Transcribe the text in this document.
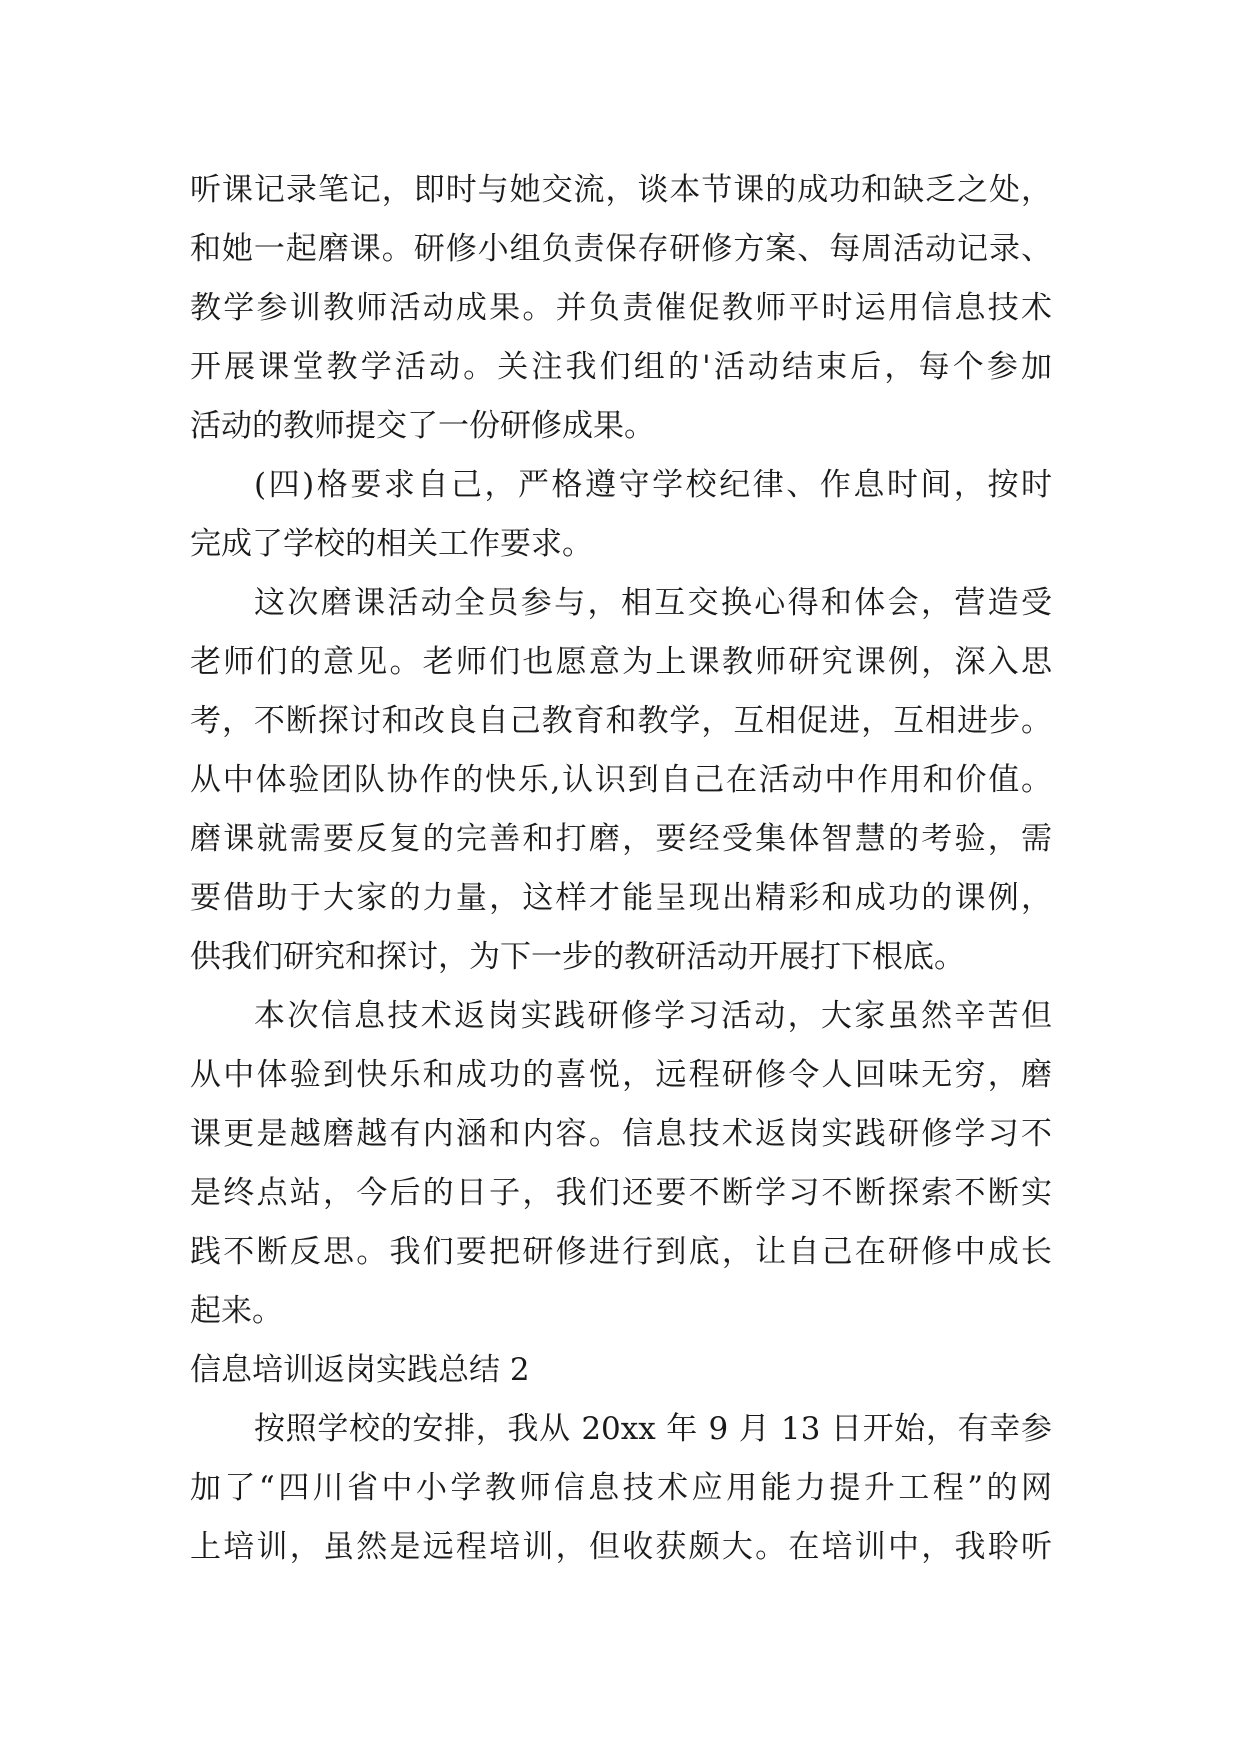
听课记录笔记，即时与她交流，谈本节课的成功和缺乏之处，
和她一起磨课。研修小组负责保存研修方案、每周活动记录、
教学参训教师活动成果。并负责催促教师平时运用信息技术
开展课堂教学活动。关注我们组的'活动结束后，每个参加
活动的教师提交了一份研修成果。
(四)格要求自己，严格遵守学校纪律、作息时间，按时
完成了学校的相关工作要求。
这次磨课活动全员参与，相互交换心得和体会，营造受
老师们的意见。老师们也愿意为上课教师研究课例，深入思
考，不断探讨和改良自己教育和教学，互相促进，互相进步。
从中体验团队协作的快乐,认识到自己在活动中作用和价值。
磨课就需要反复的完善和打磨，要经受集体智慧的考验，需
要借助于大家的力量，这样才能呈现出精彩和成功的课例，
供我们研究和探讨，为下一步的教研活动开展打下根底。
本次信息技术返岗实践研修学习活动，大家虽然辛苦但
从中体验到快乐和成功的喜悦，远程研修令人回味无穷，磨
课更是越磨越有内涵和内容。信息技术返岗实践研修学习不
是终点站，今后的日子，我们还要不断学习不断探索不断实
践不断反思。我们要把研修进行到底，让自己在研修中成长
起来。
信息培训返岗实践总结 2
按照学校的安排，我从 20xx 年 9 月 13 日开始，有幸参
加了“四川省中小学教师信息技术应用能力提升工程”的网
上培训，虽然是远程培训，但收获颇大。在培训中，我聆听
